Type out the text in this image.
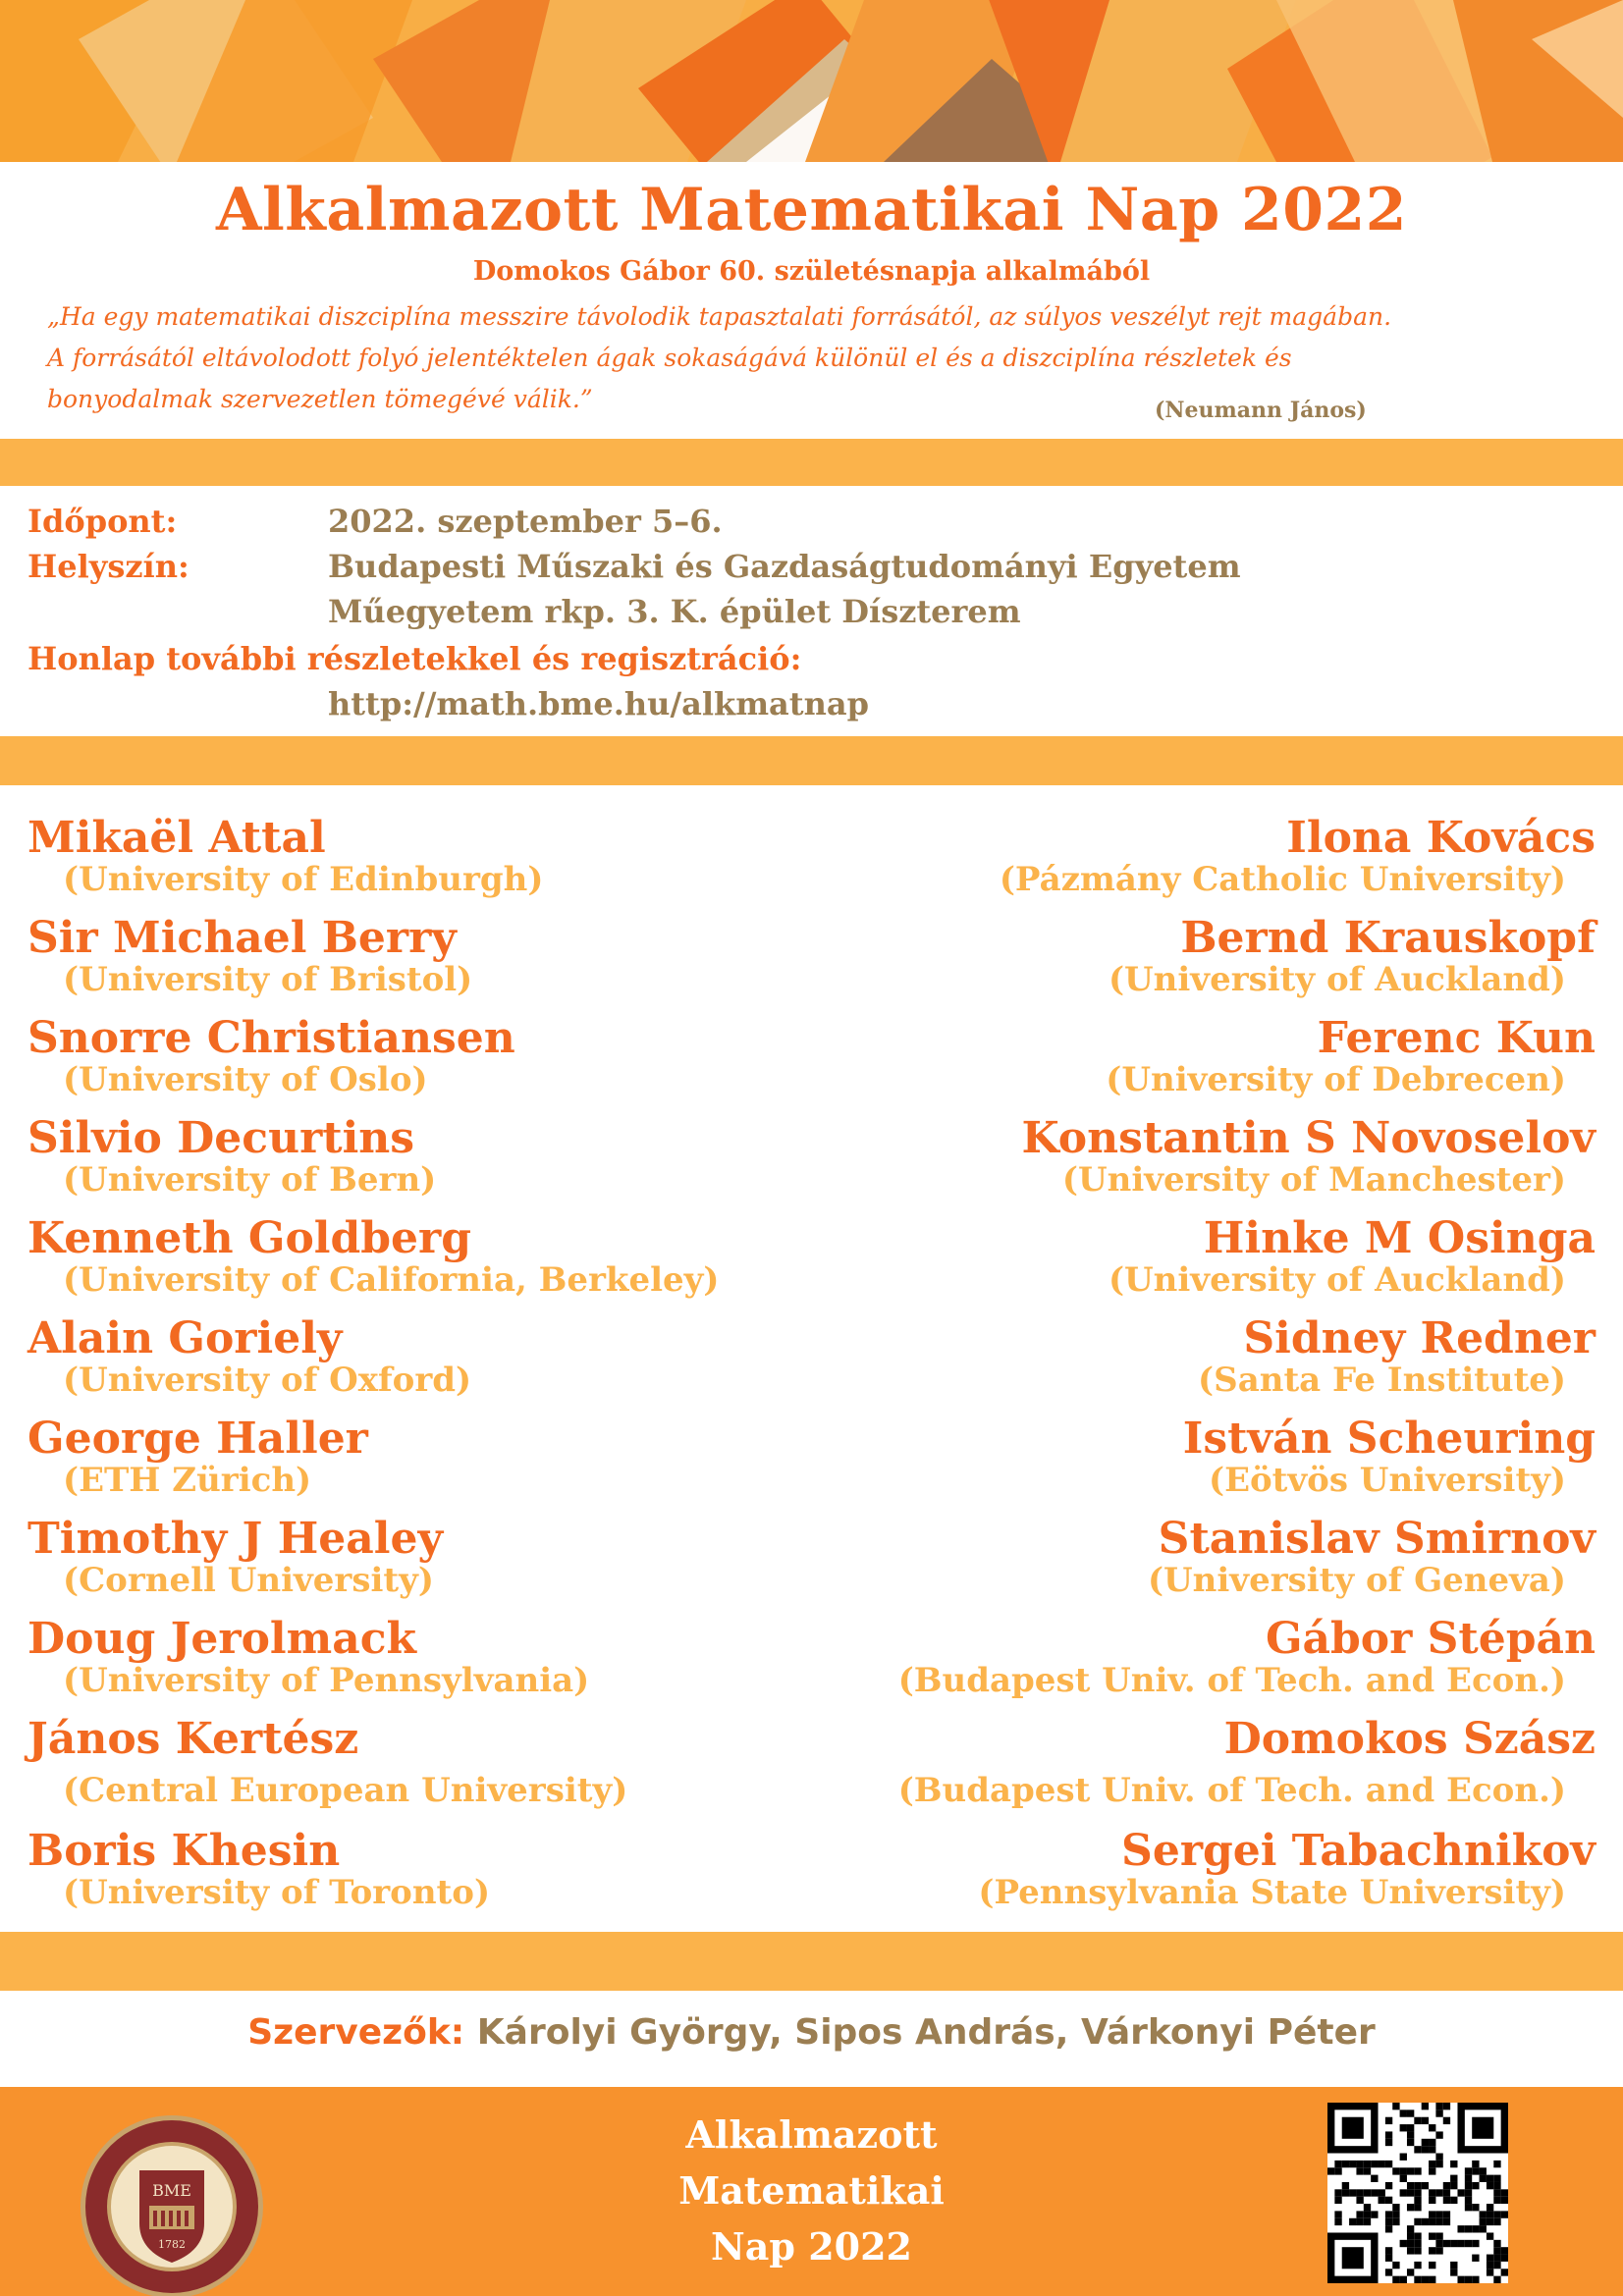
Alkalmazott Matematikai Nap 2022
Domokos Gábor 60. születésnapja alkalmából
„Ha egy matematikai diszciplína messzire távolodik tapasztalati forrásától, az súlyos veszélyt rejt magában.
A forrásától eltávolodott folyó jelentéktelen ágak sokaságává különül el és a diszciplína részletek és
bonyodalmak szervezetlen tömegévé válik.”	(Neumann János)
Időpont:	2022. szeptember 5–6.
Helyszín:	Budapesti Műszaki és Gazdaságtudományi Egyetem
Műegyetem rkp. 3. K. épület Díszterem
Honlap további részletekkel és regisztráció:
http://math.bme.hu/alkmatnap
Mikaël Attal
(University of Edinburgh)
Sir Michael Berry
(University of Bristol)
Snorre Christiansen
(University of Oslo)
Silvio Decurtins
(University of Bern)
Kenneth Goldberg
(University of California, Berkeley)
Alain Goriely
(University of Oxford)
George Haller
(ETH Zürich)
Timothy J Healey
(Cornell University)
Doug Jerolmack
(University of Pennsylvania)
János Kertész
(Central European University)
Boris Khesin
(University of Toronto)
Ilona Kovács
(Pázmány Catholic University)
Bernd Krauskopf
(University of Auckland)
Ferenc Kun
(University of Debrecen)
Konstantin S Novoselov
(University of Manchester)
Hinke M Osinga
(University of Auckland)
Sidney Redner
(Santa Fe Institute)
István Scheuring
(Eötvös University)
Stanislav Smirnov
(University of Geneva)
Gábor Stépán
(Budapest Univ. of Tech. and Econ.)
Domokos Szász
(Budapest Univ. of Tech. and Econ.)
Sergei Tabachnikov
(Pennsylvania State University)
Szervezők: Károlyi György, Sipos András, Várkonyi Péter
BME
1782
Alkalmazott
Matematikai
Nap 2022
